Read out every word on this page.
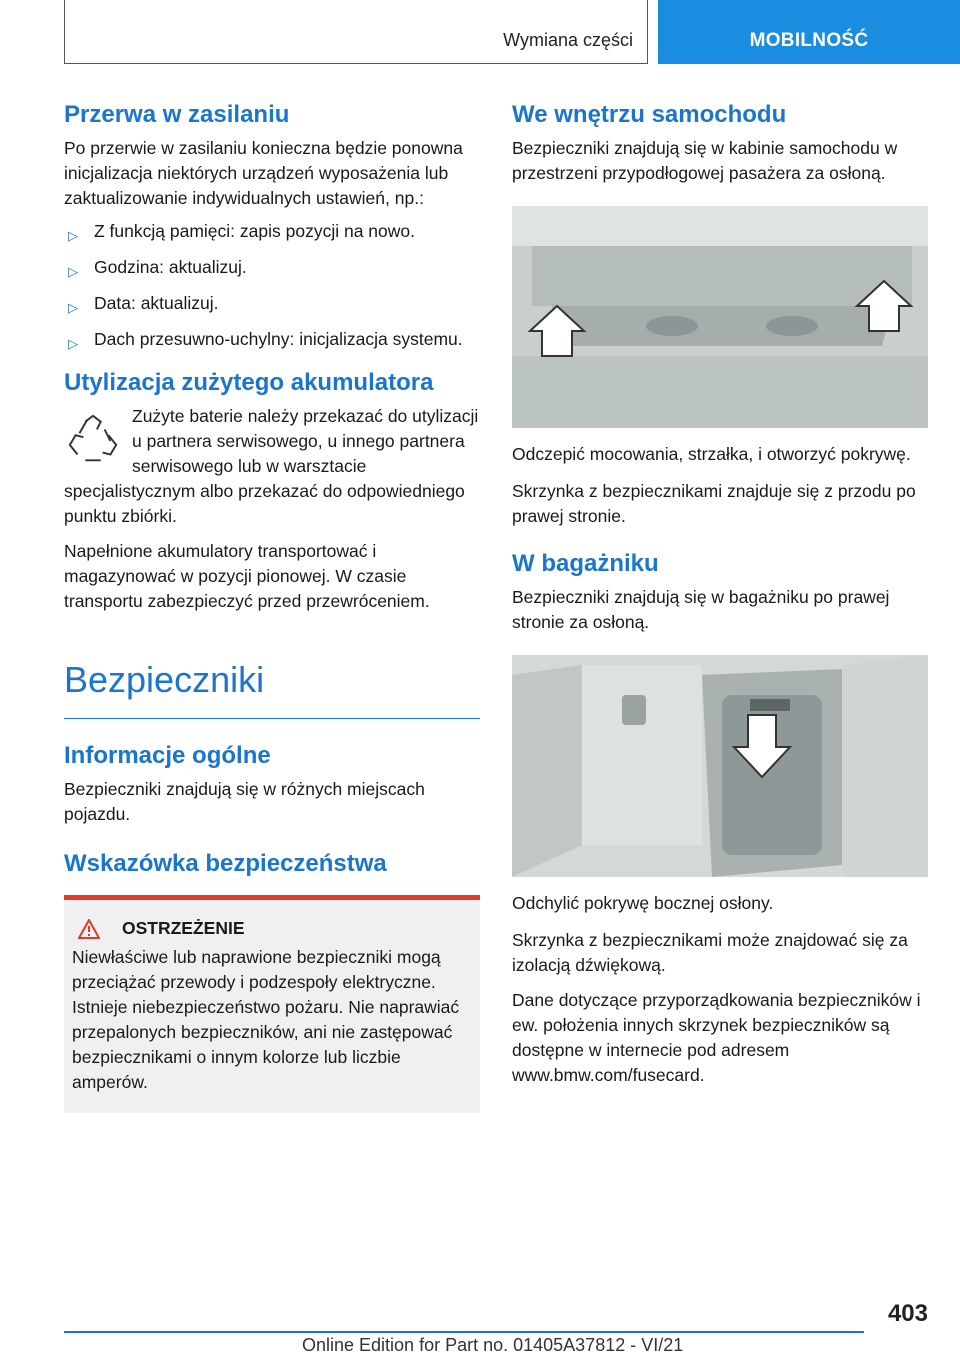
Wymiana części	MOBILNOŚĆ
Przerwa w zasilaniu

Po przerwie w zasilaniu konieczna będzie ponowna inicjalizacja niektórych urządzeń wyposażenia lub zaktualizowanie indywidualnych ustawień, np.:

▷ Z funkcją pamięci: zapis pozycji na nowo.
▷ Godzina: aktualizuj.
▷ Data: aktualizuj.
▷ Dach przesuwno-uchylny: inicjalizacja systemu.
Utylizacja zużytego akumulatora

Zużyte baterie należy przekazać do utylizacji u partnera serwisowego, u innego partnera serwisowego lub w warsztacie specjalistycznym albo przekazać do odpowiedniego punktu zbiórki.

Napełnione akumulatory transportować i magazynować w pozycji pionowej. W czasie transportu zabezpieczyć przed przewróceniem.

Bezpieczniki
Informacje ogólne

Bezpieczniki znajdują się w różnych miejscach pojazdu.

Wskazówka bezpieczeństwa
OSTRZEŻENIE

Niewłaściwe lub naprawione bezpieczniki mogą przeciążać przewody i podzespoły elektryczne. Istnieje niebezpieczeństwo pożaru. Nie naprawiać przepalonych bezpieczników, ani nie zastępować bezpiecznikami o innym kolorze lub liczbie amperów.

We wnętrzu samochodu

Bezpieczniki znajdują się w kabinie samochodu w przestrzeni przypodłogowej pasażera za osłoną.

Odczepić mocowania, strzałka, i otworzyć pokrywę.

Skrzynka z bezpiecznikami znajduje się z przodu po prawej stronie.

W bagażniku

Bezpieczniki znajdują się w bagażniku po prawej stronie za osłoną.

Odchylić pokrywę bocznej osłony.

Skrzynka z bezpiecznikami może znajdować się za izolacją dźwiękową.

Dane dotyczące przyporządkowania bezpieczników i ew. położenia innych skrzynek bezpieczników są dostępne w internecie pod adresem www.bmw.com/fusecard.

403
Online Edition for Part no. 01405A37812 - VI/21
